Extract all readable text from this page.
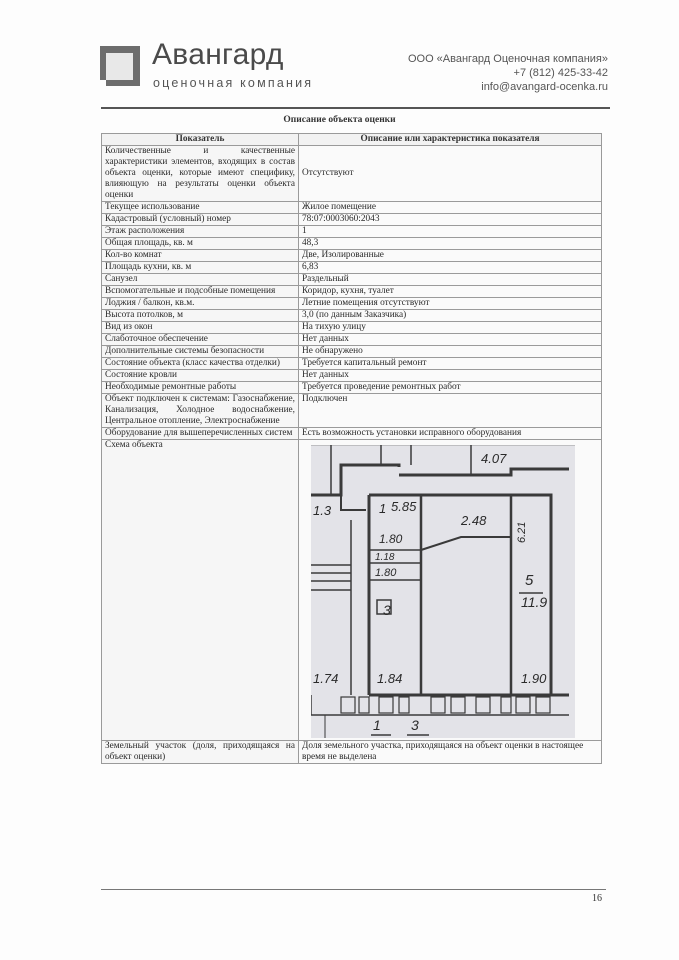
Авангард
оценочная компания
ООО «Авангард Оценочная компания»
+7 (812) 425-33-42
info@avangard-ocenka.ru
Описание объекта оценки
Показатель	Описание или характеристика показателя
Количественные и качественные характеристики элементов, входящих в состав объекта оценки, которые имеют специфику, влияющую на результаты оценки объекта оценки	Отсутствуют
Текущее использование	Жилое помещение
Кадастровый (условный) номер	78:07:0003060:2043
Этаж расположения	1
Общая площадь, кв. м	48,3
Кол-во комнат	Две, Изолированные
Площадь кухни, кв. м	6,83
Санузел	Раздельный
Вспомогательные и подсобные помещения	Коридор, кухня, туалет
Лоджия / балкон, кв.м.	Летние помещения отсутствуют
Высота потолков, м	3,0 (по данным Заказчика)
Вид из окон	На тихую улицу
Слаботочное обеспечение	Нет данных
Дополнительные системы безопасности	Не обнаружено
Состояние объекта (класс качества отделки)	Требуется капитальный ремонт
Состояние кровли	Нет данных
Необходимые ремонтные работы	Требуется проведение ремонтных работ
Объект подключен к системам: Газоснабжение, Канализация, Холодное водоснабжение, Центральное отопление, Электроснабжение	Подключен
Оборудование для вышеперечисленных систем	Есть возможность установки исправного оборудования
Схема объекта	
4.07
1.3	1 5.85
2.48
1.80
1.18
1.80
3
5
11.9
1.74	1.84	1.90
1 3
6.21

Земельный участок (доля, приходящаяся на объект оценки)	Доля земельного участка, приходящаяся на объект оценки в настоящее время не выделена
16
